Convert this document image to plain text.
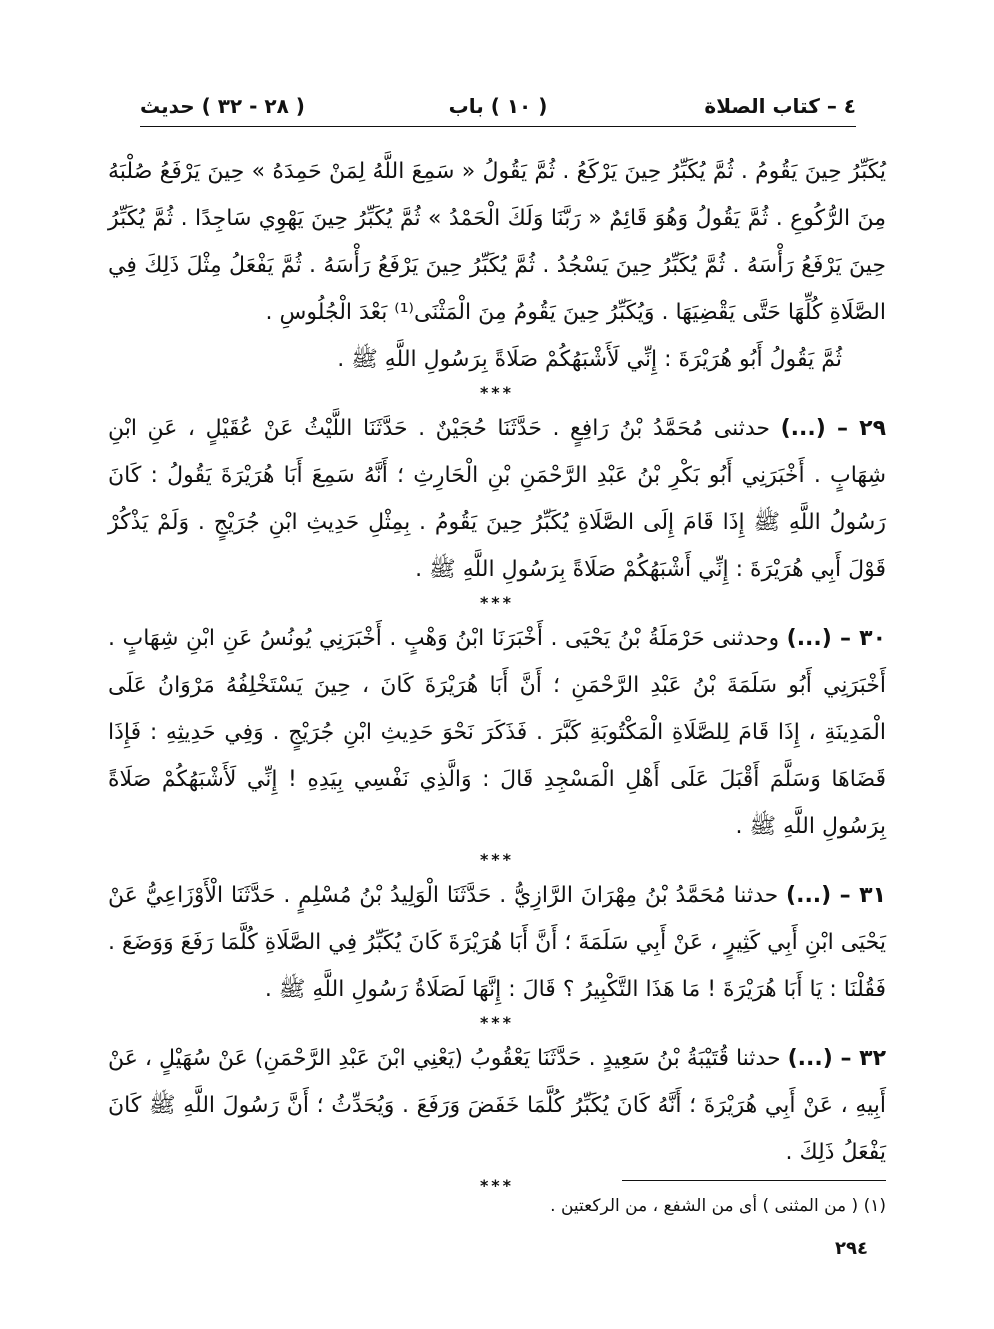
٤ – كتاب الصلاة
( ١٠ ) باب
( ٢٨ - ٣٢ ) حديث

يُكَبِّرُ حِينَ يَقُومُ . ثُمَّ يُكَبِّرُ حِينَ يَرْكَعُ . ثُمَّ يَقُولُ « سَمِعَ اللَّهُ لِمَنْ حَمِدَهُ » حِينَ يَرْفَعُ صُلْبَهُ مِنَ الرُّكُوعِ . ثُمَّ يَقُولُ وَهُوَ قَائِمٌ « رَبَّنَا وَلَكَ الْحَمْدُ » ثُمَّ يُكَبِّرُ حِينَ يَهْوِي سَاجِدًا . ثُمَّ يُكَبِّرُ حِينَ يَرْفَعُ رَأْسَهُ . ثُمَّ يُكَبِّرُ حِينَ يَسْجُدُ . ثُمَّ يُكَبِّرُ حِينَ يَرْفَعُ رَأْسَهُ . ثُمَّ يَفْعَلُ مِثْلَ ذَلِكَ فِي الصَّلَاةِ كُلِّهَا حَتَّى يَقْضِيَهَا . وَيُكَبِّرُ حِينَ يَقُومُ مِنَ الْمَثْنَى⁽¹⁾ بَعْدَ الْجُلُوسِ .

ثُمَّ يَقُولُ أَبُو هُرَيْرَةَ : إِنِّي لَأَشْبَهُكُمْ صَلَاةً بِرَسُولِ اللَّهِ ﷺ .

***

٢٩ – (...) حدثنى مُحَمَّدُ بْنُ رَافِعٍ . حَدَّثَنَا حُجَيْنٌ . حَدَّثَنَا اللَّيْثُ عَنْ عُقَيْلٍ ، عَنِ ابْنِ شِهَابٍ . أَخْبَرَنِي أَبُو بَكْرِ بْنُ عَبْدِ الرَّحْمَنِ بْنِ الْحَارِثِ ؛ أَنَّهُ سَمِعَ أَبَا هُرَيْرَةَ يَقُولُ : كَانَ رَسُولُ اللَّهِ ﷺ إِذَا قَامَ إِلَى الصَّلَاةِ يُكَبِّرُ حِينَ يَقُومُ . بِمِثْلِ حَدِيثِ ابْنِ جُرَيْجٍ . وَلَمْ يَذْكُرْ قَوْلَ أَبِي هُرَيْرَةَ : إِنِّي أَشْبَهُكُمْ صَلَاةً بِرَسُولِ اللَّهِ ﷺ .

***

٣٠ – (...) وحدثنى حَرْمَلَةُ بْنُ يَحْيَى . أَخْبَرَنَا ابْنُ وَهْبٍ . أَخْبَرَنِي يُونُسُ عَنِ ابْنِ شِهَابٍ . أَخْبَرَنِي أَبُو سَلَمَةَ بْنُ عَبْدِ الرَّحْمَنِ ؛ أَنَّ أَبَا هُرَيْرَةَ كَانَ ، حِينَ يَسْتَخْلِفُهُ مَرْوَانُ عَلَى الْمَدِينَةِ ، إِذَا قَامَ لِلصَّلَاةِ الْمَكْتُوبَةِ كَبَّرَ . فَذَكَرَ نَحْوَ حَدِيثِ ابْنِ جُرَيْجٍ . وَفِي حَدِيثِهِ : فَإِذَا قَضَاهَا وَسَلَّمَ أَقْبَلَ عَلَى أَهْلِ الْمَسْجِدِ قَالَ : وَالَّذِي نَفْسِي بِيَدِهِ ! إِنِّي لَأَشْبَهُكُمْ صَلَاةً بِرَسُولِ اللَّهِ ﷺ .

***

٣١ – (...) حدثنا مُحَمَّدُ بْنُ مِهْرَانَ الرَّازِيُّ . حَدَّثَنَا الْوَلِيدُ بْنُ مُسْلِمٍ . حَدَّثَنَا الْأَوْزَاعِيُّ عَنْ يَحْيَى ابْنِ أَبِي كَثِيرٍ ، عَنْ أَبِي سَلَمَةَ ؛ أَنَّ أَبَا هُرَيْرَةَ كَانَ يُكَبِّرُ فِي الصَّلَاةِ كُلَّمَا رَفَعَ وَوَضَعَ . فَقُلْنَا : يَا أَبَا هُرَيْرَةَ ! مَا هَذَا التَّكْبِيرُ ؟ قَالَ : إِنَّهَا لَصَلَاةُ رَسُولِ اللَّهِ ﷺ .

***

٣٢ – (...) حدثنا قُتَيْبَةُ بْنُ سَعِيدٍ . حَدَّثَنَا يَعْقُوبُ (يَعْنِي ابْنَ عَبْدِ الرَّحْمَنِ) عَنْ سُهَيْلٍ ، عَنْ أَبِيهِ ، عَنْ أَبِي هُرَيْرَةَ ؛ أَنَّهُ كَانَ يُكَبِّرُ كُلَّمَا خَفَضَ وَرَفَعَ . وَيُحَدِّثُ ؛ أَنَّ رَسُولَ اللَّهِ ﷺ كَانَ يَفْعَلُ ذَلِكَ .

***
(١) ( من المثنى ) أى من الشفع ، من الركعتين .
٢٩٤
